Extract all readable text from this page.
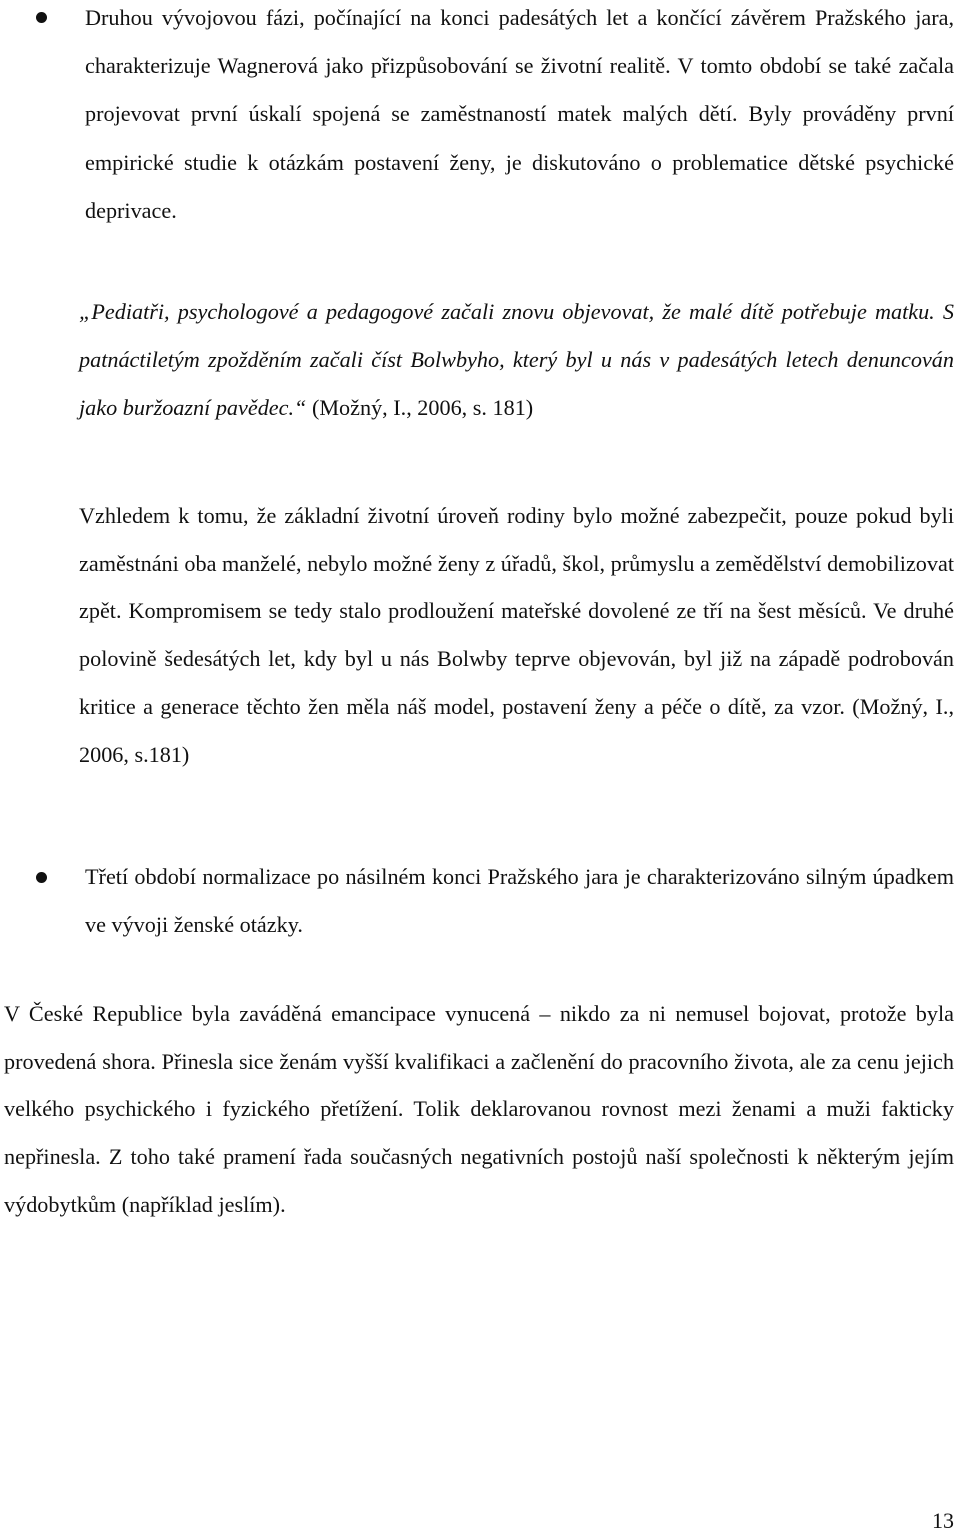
Druhou vývojovou fázi, počínající na konci padesátých let a končící závěrem Pražského jara, charakterizuje Wagnerová jako přizpůsobování se životní realitě. V tomto období se také začala projevovat první úskalí spojená se zaměstnaností matek malých dětí. Byly prováděny první empirické studie k otázkám postavení ženy, je diskutováno o problematice dětské psychické deprivace.

„Pediatři, psychologové a pedagogové začali znovu objevovat, že malé dítě potřebuje matku. S patnáctiletým zpožděním začali číst Bolwbyho, který byl u nás v padesátých letech denuncován jako buržoazní pavědec.“ (Možný, I., 2006, s. 181)

Vzhledem k tomu, že základní životní úroveň rodiny bylo možné zabezpečit, pouze pokud byli zaměstnáni oba manželé, nebylo možné ženy z úřadů, škol, průmyslu a zemědělství demobilizovat zpět. Kompromisem se tedy stalo prodloužení mateřské dovolené ze tří na šest měsíců. Ve druhé polovině šedesátých let, kdy byl u nás Bolwby teprve objevován, byl již na západě podrobován kritice a generace těchto žen měla náš model, postavení ženy a péče o dítě, za vzor. (Možný, I., 2006, s.181)

Třetí období normalizace po násilném konci Pražského jara je charakterizováno silným úpadkem ve vývoji ženské otázky.

V České Republice byla zaváděná emancipace vynucená – nikdo za ni nemusel bojovat, protože byla provedená shora. Přinesla sice ženám vyšší kvalifikaci a začlenění do pracovního života, ale za cenu jejich velkého psychického i fyzického přetížení. Tolik deklarovanou rovnost mezi ženami a muži fakticky nepřinesla. Z toho také pramení řada současných negativních postojů naší společnosti k některým jejím výdobytkům (například jeslím).

13
